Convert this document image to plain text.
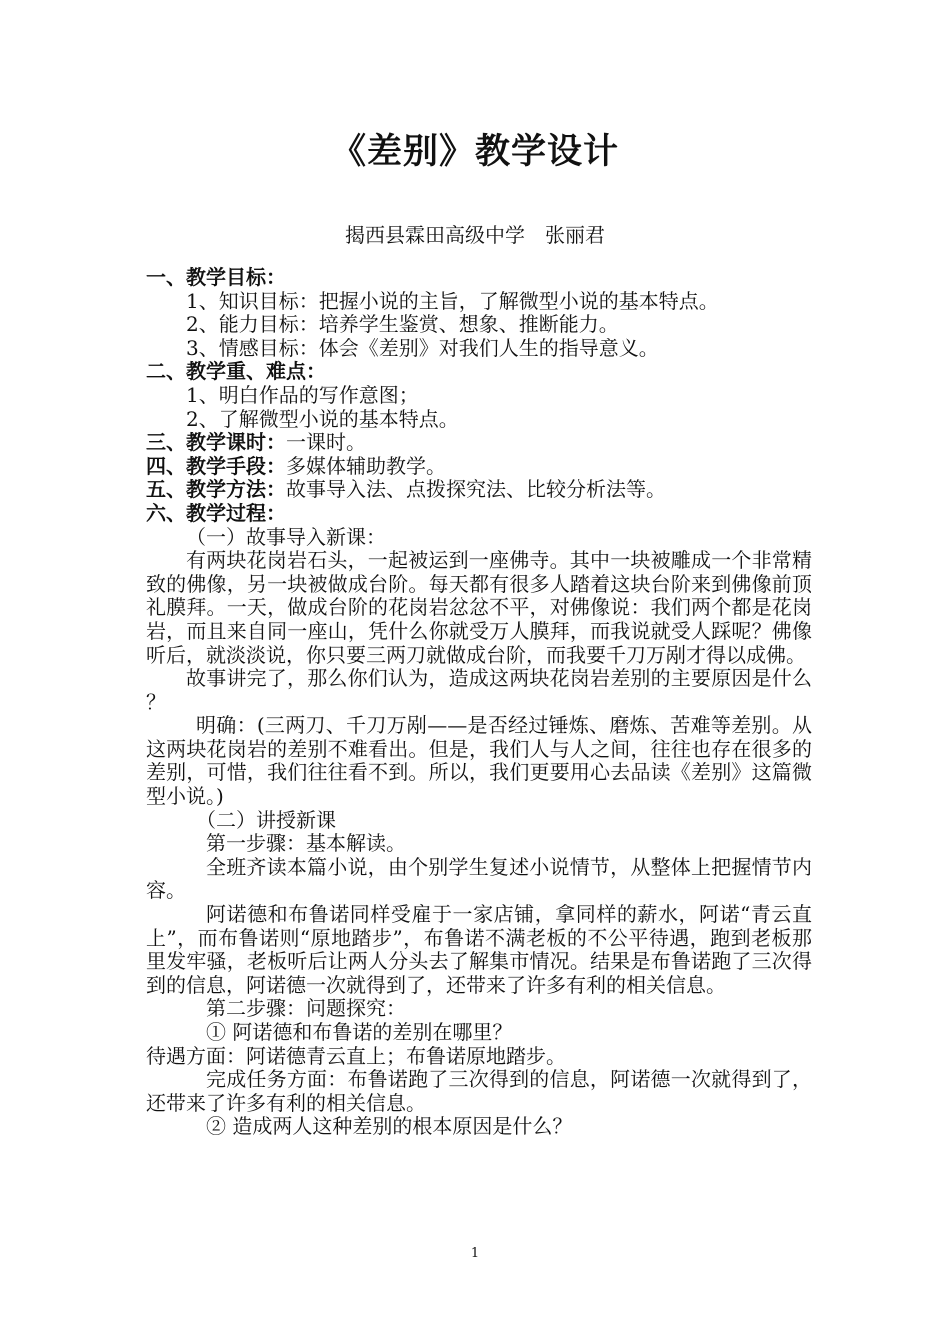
《差别》教学设计

揭西县霖田高级中学　张丽君

一、教学目标：

1、知识目标：把握小说的主旨，了解微型小说的基本特点。

2、能力目标：培养学生鉴赏、想象、推断能力。

3、情感目标：体会《差别》对我们人生的指导意义。

二、教学重、难点：

1、明白作品的写作意图；

2、了解微型小说的基本特点。

三、教学课时：一课时。

四、教学手段：多媒体辅助教学。

五、教学方法：故事导入法、点拨探究法、比较分析法等。

六、教学过程：

（一）故事导入新课：

有两块花岗岩石头，一起被运到一座佛寺。其中一块被雕成一个非常精致的佛像，另一块被做成台阶。每天都有很多人踏着这块台阶来到佛像前顶礼膜拜。一天，做成台阶的花岗岩忿忿不平，对佛像说：我们两个都是花岗岩，而且来自同一座山，凭什么你就受万人膜拜，而我说就受人踩呢？佛像听后，就淡淡说，你只要三两刀就做成台阶，而我要千刀万剐才得以成佛。

故事讲完了，那么你们认为，造成这两块花岗岩差别的主要原因是什么 ？

明确：(三两刀、千刀万剐——是否经过锤炼、磨炼、苦难等差别。从这两块花岗岩的差别不难看出。但是，我们人与人之间，往往也存在很多的差别，可惜，我们往往看不到。所以，我们更要用心去品读《差别》这篇微型小说。)

（二）讲授新课

第一步骤：基本解读。

全班齐读本篇小说，由个别学生复述小说情节，从整体上把握情节内容。

阿诺德和布鲁诺同样受雇于一家店铺，拿同样的薪水，阿诺“青云直上”，而布鲁诺则“原地踏步”，布鲁诺不满老板的不公平待遇，跑到老板那里发牢骚，老板听后让两人分头去了解集市情况。结果是布鲁诺跑了三次得到的信息，阿诺德一次就得到了，还带来了许多有利的相关信息。

第二步骤：问题探究：

① 阿诺德和布鲁诺的差别在哪里？

待遇方面：阿诺德青云直上；布鲁诺原地踏步。

完成任务方面：布鲁诺跑了三次得到的信息，阿诺德一次就得到了，还带来了许多有利的相关信息。

② 造成两人这种差别的根本原因是什么？

1
